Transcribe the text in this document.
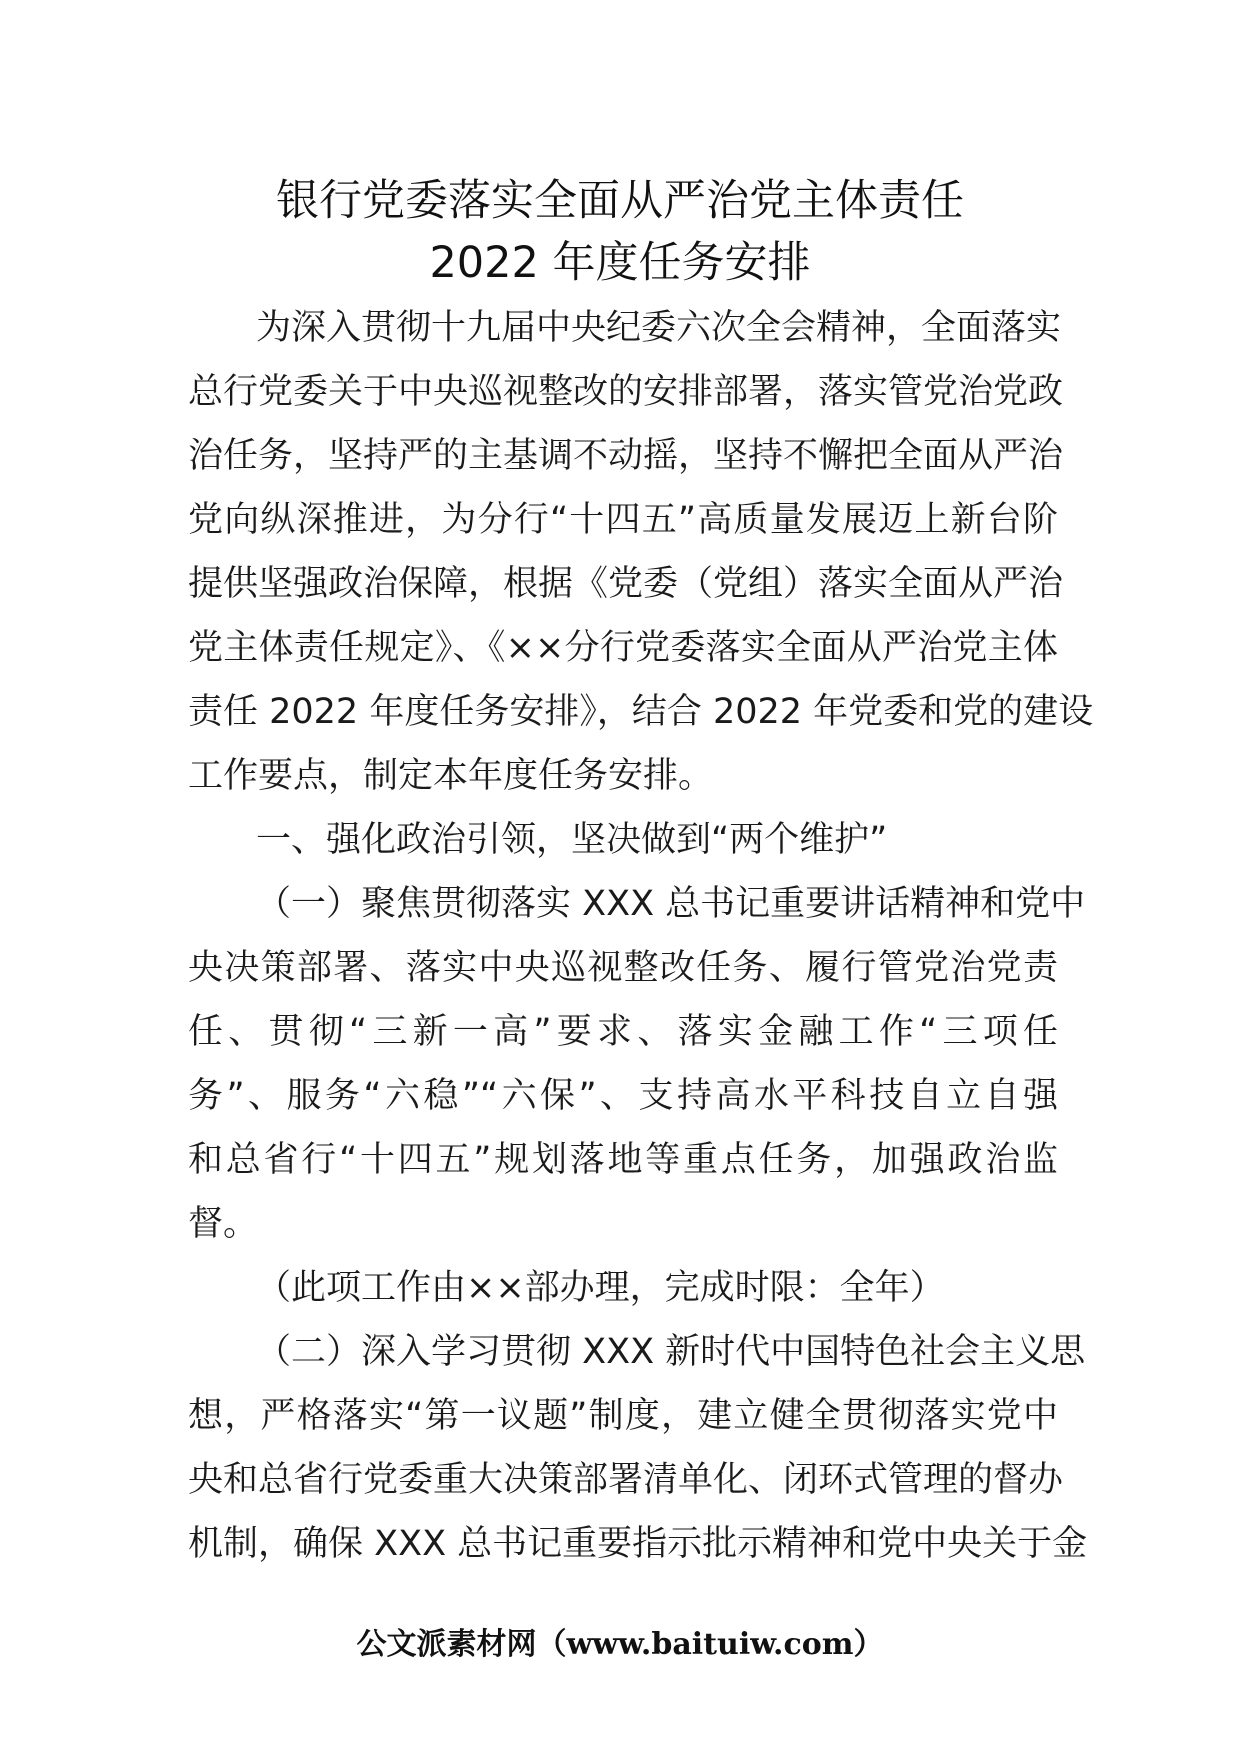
银行党委落实全面从严治党主体责任
2022 年度任务安排
为深入贯彻十九届中央纪委六次全会精神，全面落实
总行党委关于中央巡视整改的安排部署，落实管党治党政
治任务，坚持严的主基调不动摇，坚持不懈把全面从严治
党向纵深推进，为分行“十四五”高质量发展迈上新台阶
提供坚强政治保障，根据《党委（党组）落实全面从严治
党主体责任规定》、《××分行党委落实全面从严治党主体
责任 2022 年度任务安排》，结合 2022 年党委和党的建设
工作要点，制定本年度任务安排。
一、强化政治引领，坚决做到“两个维护”
（一）聚焦贯彻落实 XXX 总书记重要讲话精神和党中
央决策部署、落实中央巡视整改任务、履行管党治党责
任、贯彻“三新一高”要求、落实金融工作“三项任
务”、服务“六稳”“六保”、支持高水平科技自立自强
和总省行“十四五”规划落地等重点任务，加强政治监
督。
（此项工作由××部办理，完成时限：全年）
（二）深入学习贯彻 XXX 新时代中国特色社会主义思
想，严格落实“第一议题”制度，建立健全贯彻落实党中
央和总省行党委重大决策部署清单化、闭环式管理的督办
机制，确保 XXX 总书记重要指示批示精神和党中央关于金
公文派素材网（www.baituiw.com）
